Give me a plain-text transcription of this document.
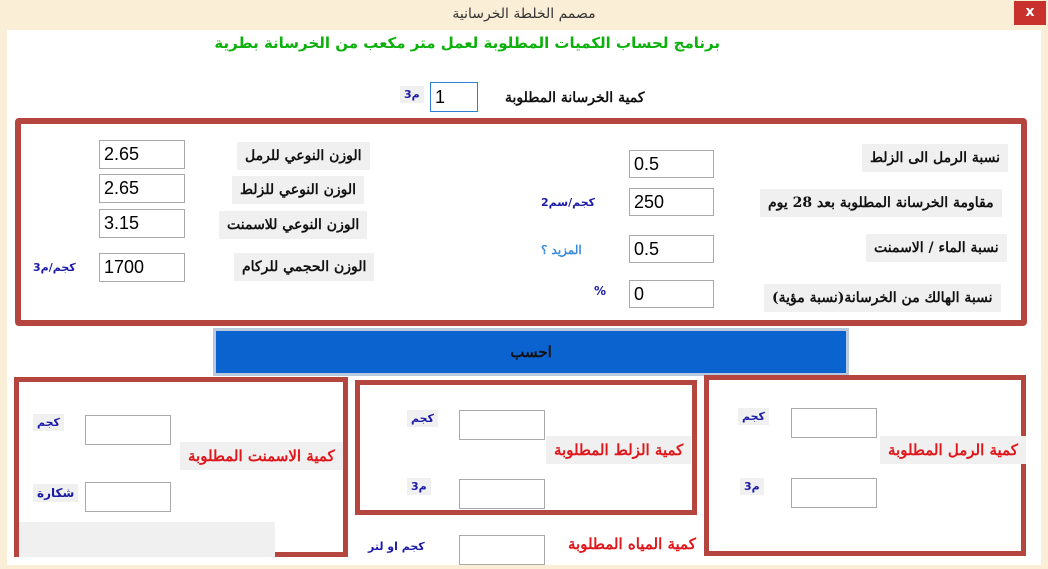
مصمم الخلطة الخرسانية	x
برنامج لحساب الكميات المطلوبة لعمل متر مكعب من الخرسانة بطرية
م3
1	كمية الخرسانة المطلوبة
نسبة الرمل الى الزلط
0.5
مقاومة الخرسانة المطلوبة بعد 28 يوم
250
كجم/سم2
نسبة الماء / الاسمنت
0.5
المزيد ؟
نسبة الهالك من الخرسانة(نسبة مؤية)
0
%
الوزن النوعي للرمل
2.65
الوزن النوعي للزلط
2.65
الوزن النوعي للاسمنت
3.15
الوزن الحجمي للركام
1700
كجم/م3
احسب
كجم
كمية الاسمنت المطلوبة
شكارة
كجم
كمية الزلط المطلوبة
م3
كجم
كمية الرمل المطلوبة
م3
كجم او لتر	كمية المياه المطلوبة
